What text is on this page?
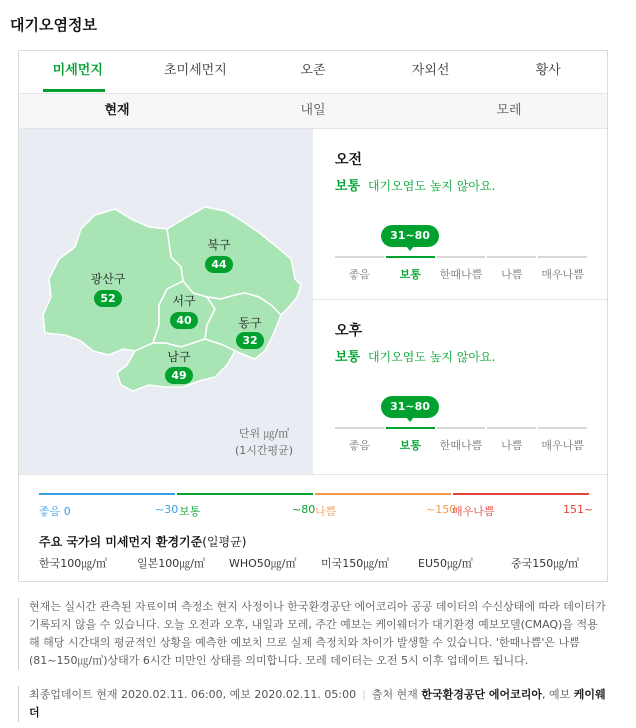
대기오염정보
미세먼지	초미세먼지	오존	자외선	황사
현재	내일	모레
북구
44
광산구
52	서구
40	동구
32
남구
49
단위 ㎍/㎥
(1시간평균)
오전
보통 대기오염도 높지 않아요.
31~80
좋음	보통	한때나쁨	나쁨	매우나쁨
오후
보통 대기오염도 높지 않아요.
31~80
좋음	보통	한때나쁨	나쁨	매우나쁨
좋음 0	~30 보통	~80 나쁨	~150
매우나쁨	151~
주요 국가의 미세먼지 환경기준(일평균)
한국100㎍/㎥	일본100㎍/㎥ WHO50㎍/㎥ 미국150㎍/㎥	EU50㎍/㎥	중국150㎍/㎥
현재는 실시간 관측된 자료이며 측정소 현지 사정이나 한국환경공단 에어코리아 공공 데이터의 수신상태에 따라 데이터가 기록되지 않을 수 있습니다. 오늘 오전과 오후, 내일과 모레, 주간 예보는 케이웨더가 대기환경 예보모델(CMAQ)을 적용해 해당 시간대의 평균적인 상황을 예측한 예보치 므로 실제 측정치와 차이가 발생할 수 있습니다. '한때나쁨'은 나쁨(81~150㎍/㎥)상태가 6시간 미만인 상태를 의미합니다. 모레 데이터는 오전 5시 이후 업데이트 됩니다.
최종업데이트 현재 2020.02.11. 06:00, 예보 2020.02.11. 05:00 | 출처 현재 한국환경공단 에어코리아, 예보 케이웨더
